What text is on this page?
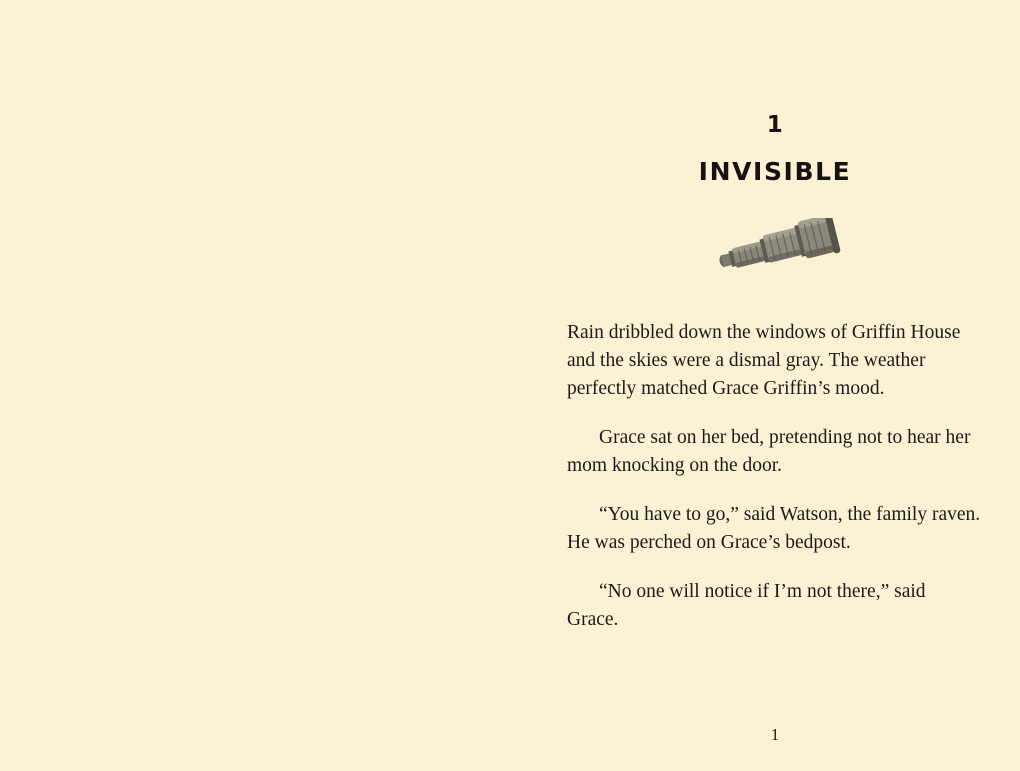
1
INVISIBLE

Rain dribbled down the windows of Griffin House and the skies were a dismal gray. The weather perfectly matched Grace Griffin’s mood.

Grace sat on her bed, pretending not to hear her mom knocking on the door.

“You have to go,” said Watson, the family raven. He was perched on Grace’s bedpost.

“No one will notice if I’m not there,” said Grace.

1
